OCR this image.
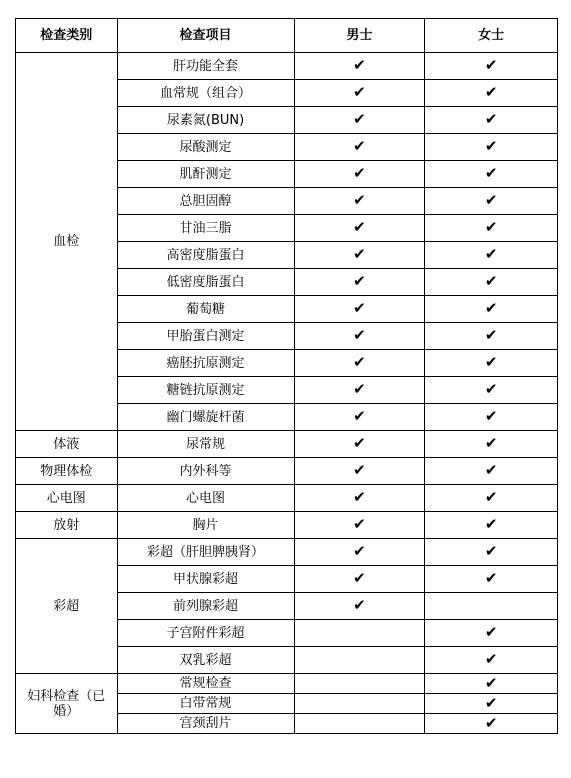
检查类别	检查项目	男士	女士
血检	肝功能全套	✔	✔
	血常规（组合）	✔	✔
	尿素氮(BUN)	✔	✔
	尿酸测定	✔	✔
	肌酐测定	✔	✔
	总胆固醇	✔	✔
	甘油三脂	✔	✔
	高密度脂蛋白	✔	✔
	低密度脂蛋白	✔	✔
	葡萄糖	✔	✔
	甲胎蛋白测定	✔	✔
	癌胚抗原测定	✔	✔
	糖链抗原测定	✔	✔
	幽门螺旋杆菌	✔	✔
体液	尿常规	✔	✔
物理体检	内外科等	✔	✔
心电图	心电图	✔	✔
放射	胸片	✔	✔
彩超	彩超（肝胆脾胰肾）	✔	✔
	甲状腺彩超	✔	✔
	前列腺彩超	✔	
	子宫附件彩超		✔
	双乳彩超		✔
妇科检查（已婚）	常规检查		✔
	白带常规		✔
	宫颈刮片		✔
